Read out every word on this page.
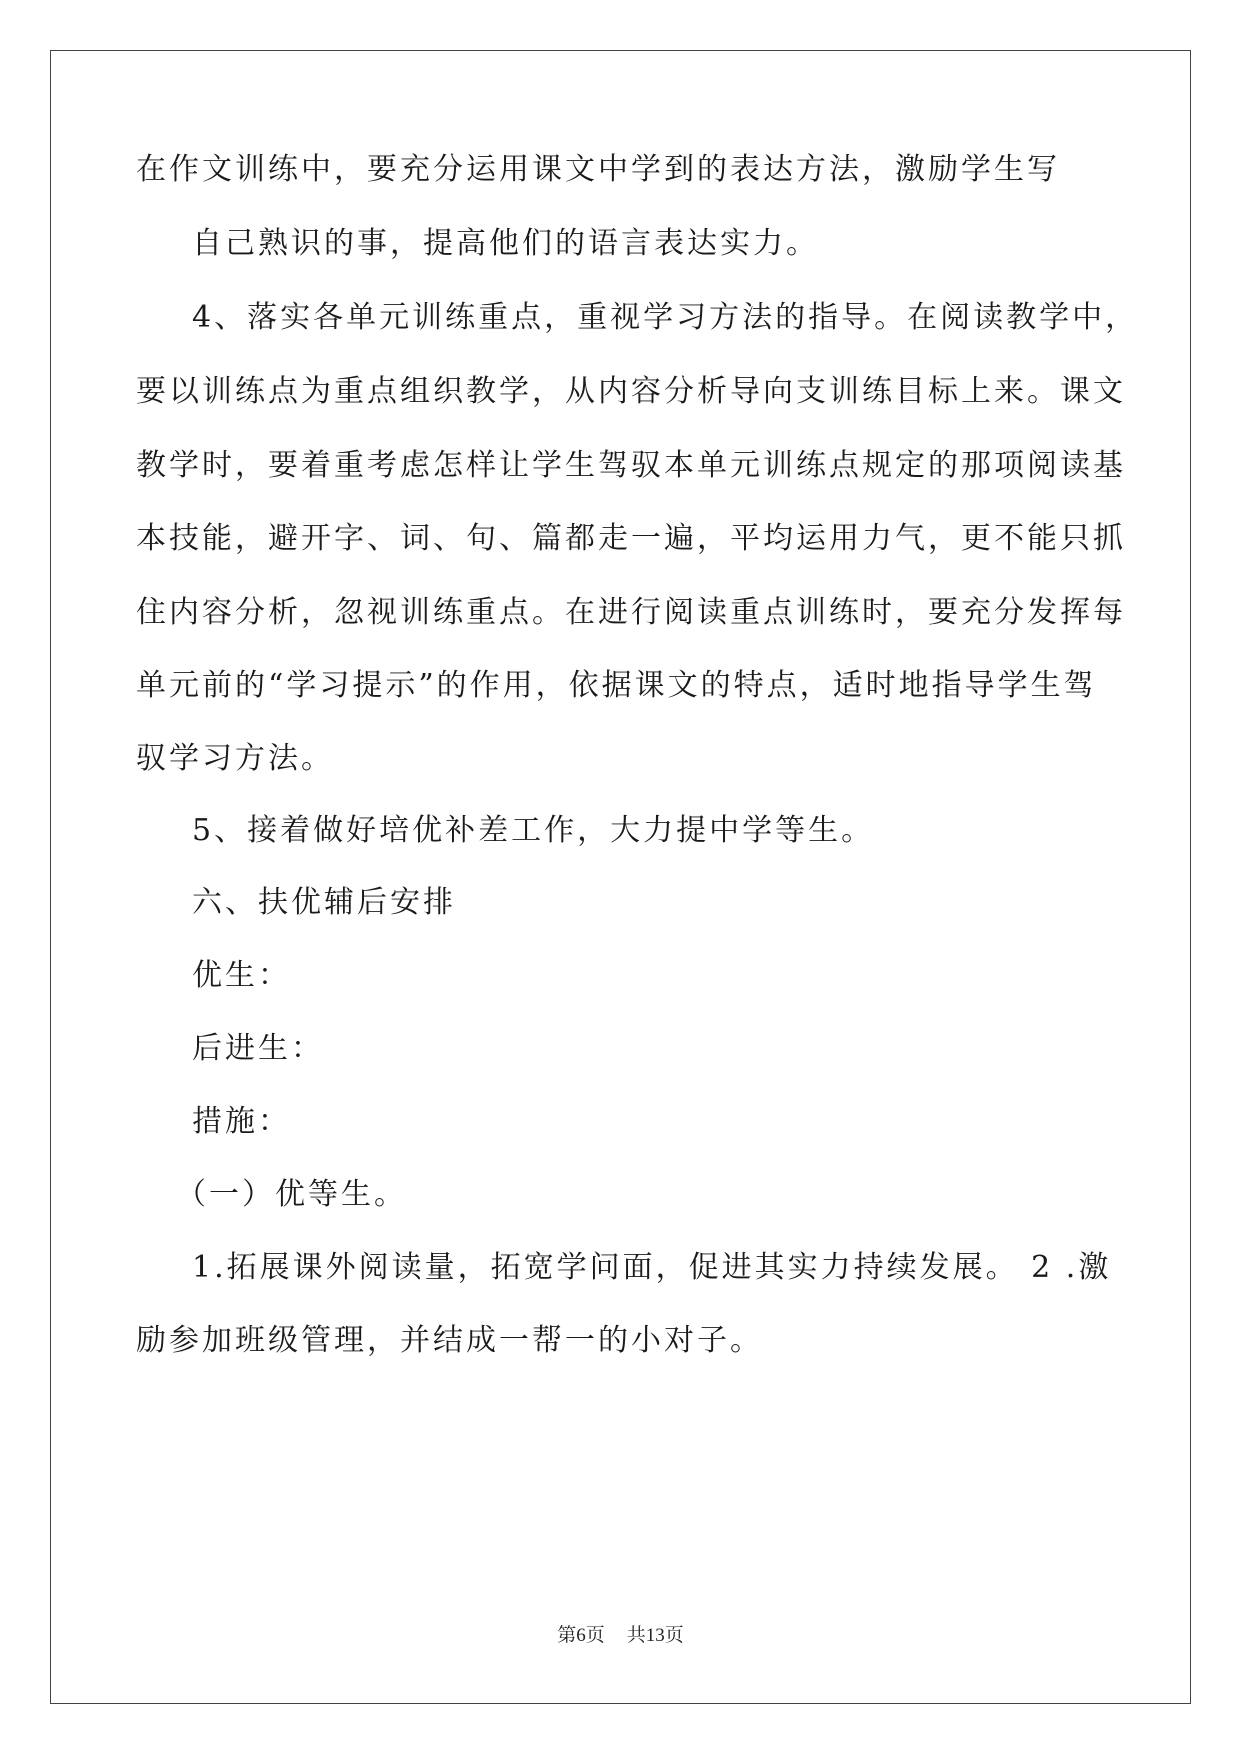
在作文训练中，要充分运用课文中学到的表达方法，激励学生写
自己熟识的事，提高他们的语言表达实力。
4、落实各单元训练重点，重视学习方法的指导。在阅读教学中，
要以训练点为重点组织教学，从内容分析导向支训练目标上来。课文
教学时，要着重考虑怎样让学生驾驭本单元训练点规定的那项阅读基
本技能，避开字、词、句、篇都走一遍，平均运用力气，更不能只抓
住内容分析，忽视训练重点。在进行阅读重点训练时，要充分发挥每
单元前的“学习提示”的作用，依据课文的特点，适时地指导学生驾
驭学习方法。
5、接着做好培优补差工作，大力提中学等生。
六、扶优辅后安排
优生：
后进生：
措施：
（一）优等生。
1.拓展课外阅读量，拓宽学问面，促进其实力持续发展。 2 .激
励参加班级管理，并结成一帮一的小对子。
第6页 共13页
